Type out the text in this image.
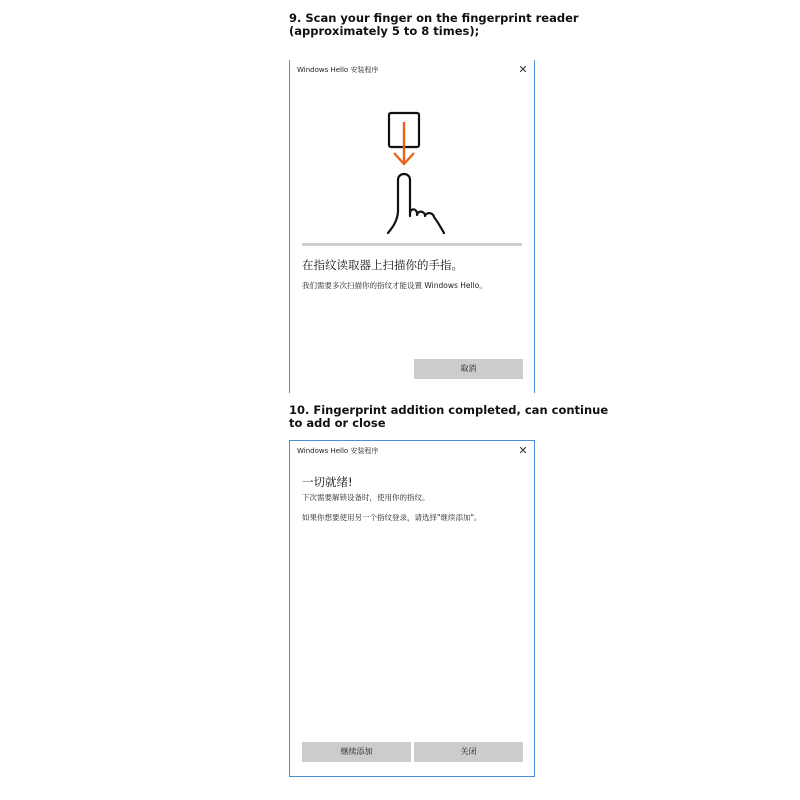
9. Scan your finger on the fingerprint reader
(approximately 5 to 8 times);
Windows Hello 安装程序	✕
在指纹读取器上扫描你的手指。
我们需要多次扫描你的指纹才能设置 Windows Hello。
取消
10. Fingerprint addition completed, can continue
to add or close
Windows Hello 安装程序	✕
一切就绪!
下次需要解锁设备时，使用你的指纹。
如果你想要使用另一个指纹登录，请选择"继续添加"。
继续添加	关闭
